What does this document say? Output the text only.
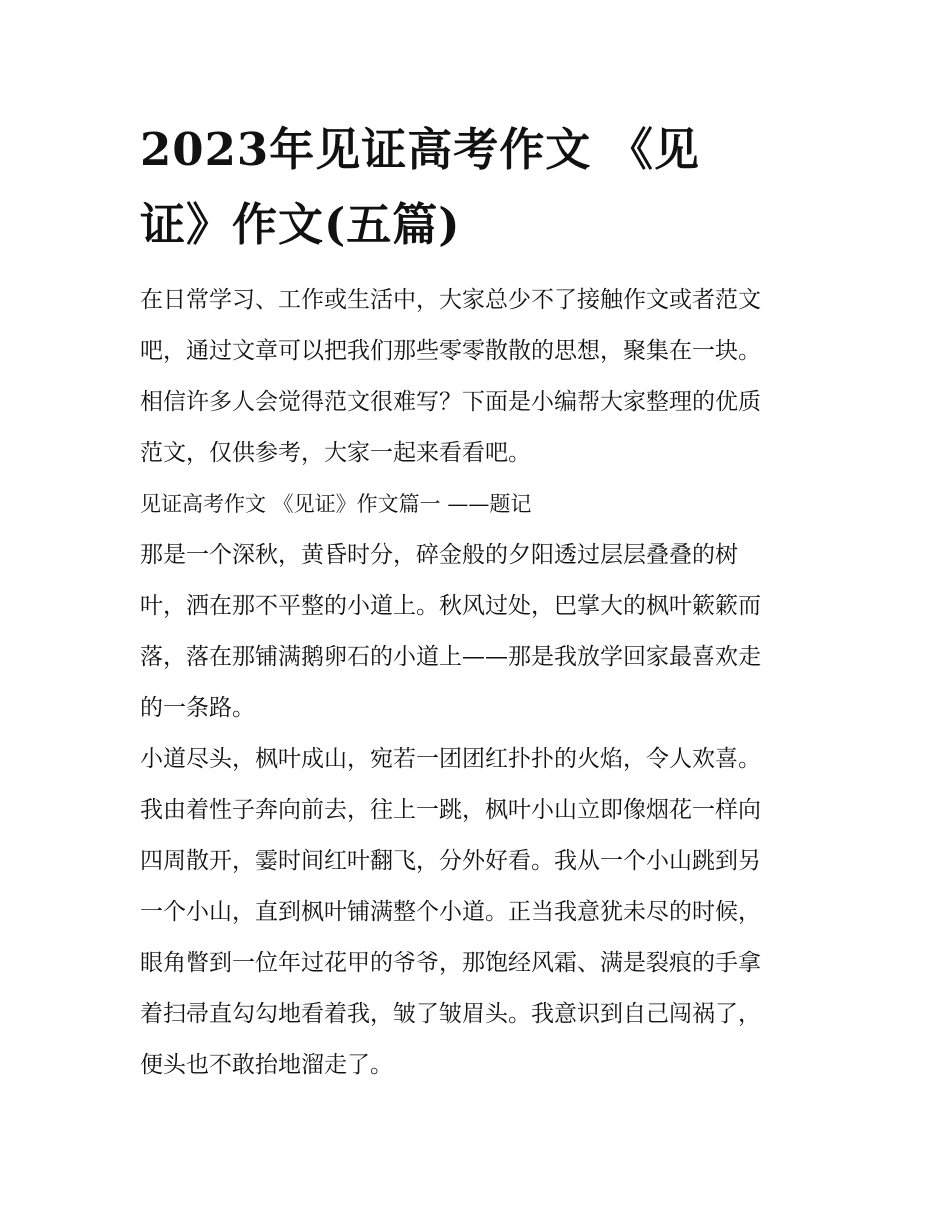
2023年见证高考作文 《见
证》作文(五篇)
在日常学习、工作或生活中，大家总少不了接触作文或者范文
吧，通过文章可以把我们那些零零散散的思想，聚集在一块。
相信许多人会觉得范文很难写？下面是小编帮大家整理的优质
范文，仅供参考，大家一起来看看吧。
见证高考作文 《见证》作文篇一 ——题记
那是一个深秋，黄昏时分，碎金般的夕阳透过层层叠叠的树
叶，洒在那不平整的小道上。秋风过处，巴掌大的枫叶簌簌而
落，落在那铺满鹅卵石的小道上——那是我放学回家最喜欢走
的一条路。
小道尽头，枫叶成山，宛若一团团红扑扑的火焰，令人欢喜。
我由着性子奔向前去，往上一跳，枫叶小山立即像烟花一样向
四周散开，霎时间红叶翻飞，分外好看。我从一个小山跳到另
一个小山，直到枫叶铺满整个小道。正当我意犹未尽的时候，
眼角瞥到一位年过花甲的爷爷，那饱经风霜、满是裂痕的手拿
着扫帚直勾勾地看着我，皱了皱眉头。我意识到自己闯祸了，
便头也不敢抬地溜走了。
